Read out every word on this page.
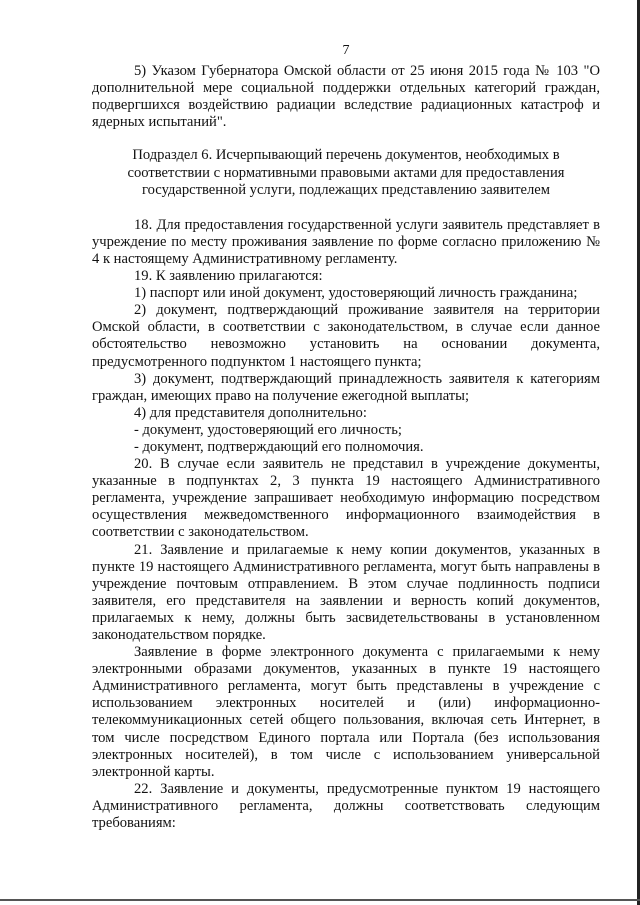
7

5) Указом Губернатора Омской области от 25 июня 2015 года № 103 "О дополнительной мере социальной поддержки отдельных категорий граждан, подвергшихся воздействию радиации вследствие радиационных катастроф и ядерных испытаний".

Подраздел 6. Исчерпывающий перечень документов, необходимых в соответствии с нормативными правовыми актами для предоставления государственной услуги, подлежащих представлению заявителем

18. Для предоставления государственной услуги заявитель представляет в учреждение по месту проживания заявление по форме согласно приложению № 4 к настоящему Административному регламенту.

19. К заявлению прилагаются:

1) паспорт или иной документ, удостоверяющий личность гражданина;

2) документ, подтверждающий проживание заявителя на территории Омской области, в соответствии с законодательством, в случае если данное обстоятельство невозможно установить на основании документа, предусмотренного подпунктом 1 настоящего пункта;

3) документ, подтверждающий принадлежность заявителя к категориям граждан, имеющих право на получение ежегодной выплаты;

4) для представителя дополнительно:

- документ, удостоверяющий его личность;

- документ, подтверждающий его полномочия.

20. В случае если заявитель не представил в учреждение документы, указанные в подпунктах 2, 3 пункта 19 настоящего Административного регламента, учреждение запрашивает необходимую информацию посредством осуществления межведомственного информационного взаимодействия в соответствии с законодательством.

21. Заявление и прилагаемые к нему копии документов, указанных в пункте 19 настоящего Административного регламента, могут быть направлены в учреждение почтовым отправлением. В этом случае подлинность подписи заявителя, его представителя на заявлении и верность копий документов, прилагаемых к нему, должны быть засвидетельствованы в установленном законодательством порядке.

Заявление в форме электронного документа с прилагаемыми к нему электронными образами документов, указанных в пункте 19 настоящего Административного регламента, могут быть представлены в учреждение с использованием электронных носителей и (или) информационно-телекоммуникационных сетей общего пользования, включая сеть Интернет, в том числе посредством Единого портала или Портала (без использования электронных носителей), в том числе с использованием универсальной электронной карты.

22. Заявление и документы, предусмотренные пунктом 19 настоящего Административного регламента, должны соответствовать следующим требованиям:
